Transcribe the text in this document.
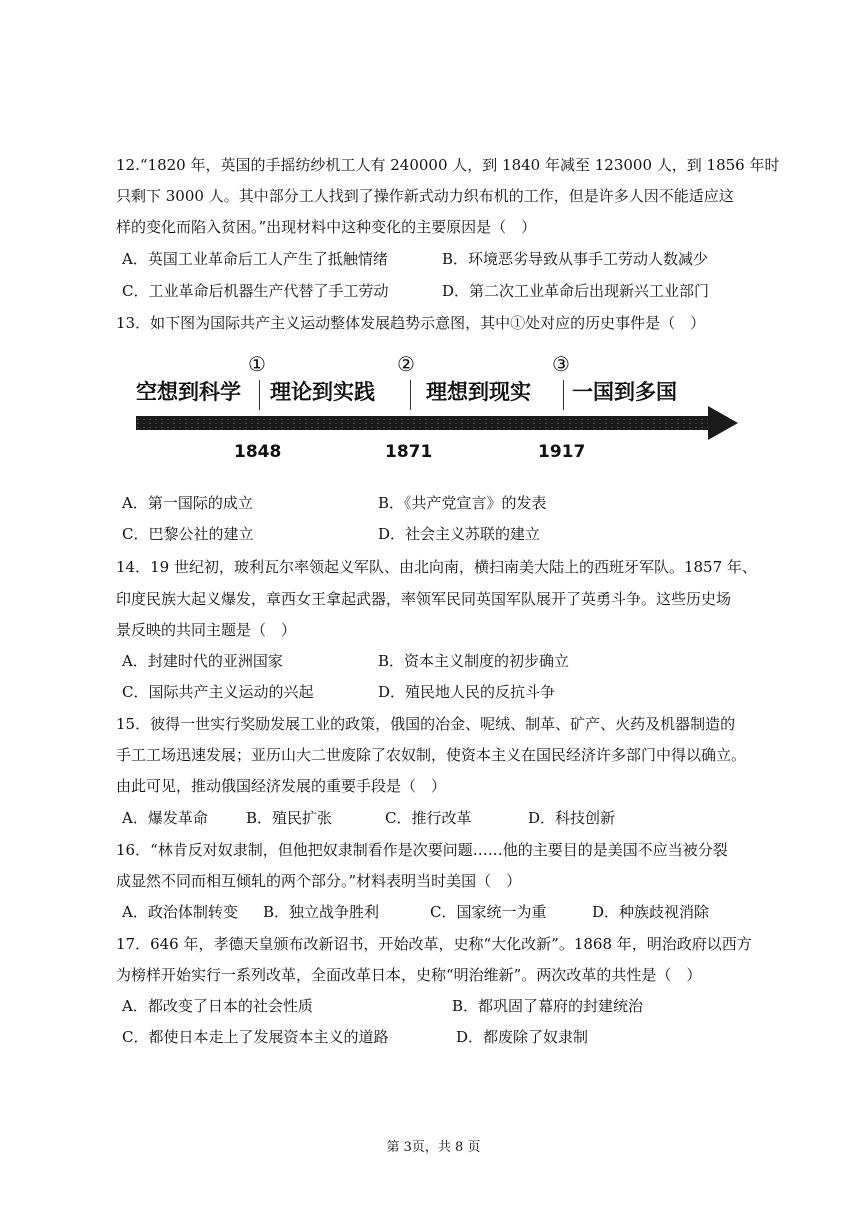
12.“1820 年，英国的手摇纺纱机工人有 240000 人，到 1840 年减至 123000 人，到 1856 年时
只剩下 3000 人。其中部分工人找到了操作新式动力织布机的工作，但是许多人因不能适应这
样的变化而陷入贫困。”出现材料中这种变化的主要原因是（　）
A．英国工业革命后工人产生了抵触情绪	B．环境恶劣导致从事手工劳动人数减少
C．工业革命后机器生产代替了手工劳动	D．第二次工业革命后出现新兴工业部门
13．如下图为国际共产主义运动整体发展趋势示意图，其中①处对应的历史事件是（　）
①	②	③
空想到科学 理论到实践 理想到现实 一国到多国
1848	1871	1917
A．第一国际的成立	B．《共产党宣言》的发表
C．巴黎公社的建立	D．社会主义苏联的建立
14．19 世纪初，玻利瓦尔率领起义军队、由北向南，横扫南美大陆上的西班牙军队。1857 年、
印度民族大起义爆发，章西女王拿起武器，率领军民同英国军队展开了英勇斗争。这些历史场
景反映的共同主题是（　）
A．封建时代的亚洲国家	B．资本主义制度的初步确立
C．国际共产主义运动的兴起	D．殖民地人民的反抗斗争
15．彼得一世实行奖励发展工业的政策，俄国的冶金、呢绒、制革、矿产、火药及机器制造的
手工工场迅速发展；亚历山大二世废除了农奴制，使资本主义在国民经济许多部门中得以确立。
由此可见，推动俄国经济发展的重要手段是（　）
A．爆发革命	B．殖民扩张	C．推行改革	D．科技创新
16．“林肯反对奴隶制，但他把奴隶制看作是次要问题……他的主要目的是美国不应当被分裂
成显然不同而相互倾轧的两个部分。”材料表明当时美国（　）
A．政治体制转变 B．独立战争胜利	C．国家统一为重	D．种族歧视消除
17．646 年，孝德天皇颁布改新诏书，开始改革，史称“大化改新”。1868 年，明治政府以西方
为榜样开始实行一系列改革，全面改革日本，史称“明治维新”。两次改革的共性是（　）
A．都改变了日本的社会性质	B．都巩固了幕府的封建统治
C．都使日本走上了发展资本主义的道路	D．都废除了奴隶制
第 3页，共 8 页
